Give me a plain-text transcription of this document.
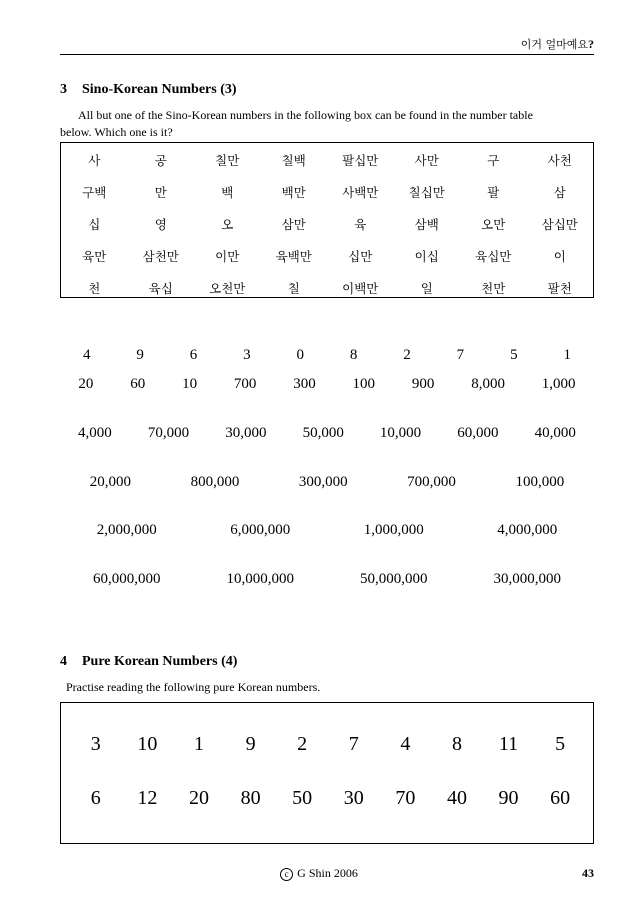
이거 얼마예요?
3 Sino-Korean Numbers (3)
All but one of the Sino-Korean numbers in the following box can be found in the number table
below. Which one is it?
사	공	칠만	칠백	팔십만	사만	구	사천
구백	만	백	백만	사백만	칠십만	팔	삼
십	영	오	삼만	육	삼백	오만	삼십만
육만	삼천만	이만	육백만	십만	이십	육십만	이
천	육십	오천만	칠	이백만	일	천만	팔천
4	9	6	3	0	8	2	7	5	1
20 60 10 700 300 100 900 8,000 1,000
4,000 70,000 30,000 50,000 10,000 60,000 40,000
20,000	800,000	300,000	700,000	100,000
2,000,000	6,000,000	1,000,000	4,000,000
60,000,000	10,000,000	50,000,000	30,000,000
4 Pure Korean Numbers (4)
Practise reading the following pure Korean numbers.
3	10	1	9	2	7	4	8	11	5
6	12	20	80	50	30	70	40	90	60
c G Shin 2006	43
